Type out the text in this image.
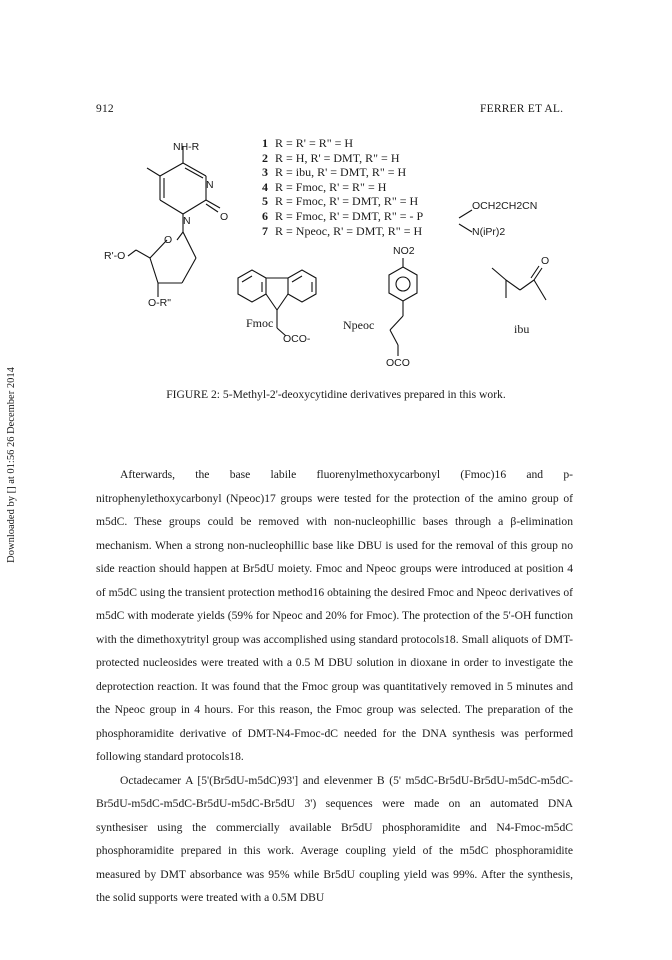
912	FERRER ET AL.
Downloaded by [] at 01:56 26 December 2014
NH-R
N
N	O
O
R'-O
O-R"
1 R = R' = R" = H
2 R = H, R' = DMT, R" = H
3 R = ibu, R' = DMT, R" = H
4 R = Fmoc, R' = R" = H
5 R = Fmoc, R' = DMT, R" = H
6 R = Fmoc, R' = DMT, R" = - P
7 R = Npeoc, R' = DMT, R" = H
OCH2CH2CN
N(iPr)2
Fmoc
OCO-
Npeoc
NO2
OCO
ibu
O
FIGURE 2: 5-Methyl-2'-deoxycytidine derivatives prepared in this work.

Afterwards, the base labile fluorenylmethoxycarbonyl (Fmoc)16 and p-nitrophenylethoxycarbonyl (Npeoc)17 groups were tested for the protection of the amino group of m5dC. These groups could be removed with non-nucleophillic bases through a β-elimination mechanism. When a strong non-nucleophillic base like DBU is used for the removal of this group no side reaction should happen at Br5dU moiety. Fmoc and Npeoc groups were introduced at position 4 of m5dC using the transient protection method16 obtaining the desired Fmoc and Npeoc derivatives of m5dC with moderate yields (59% for Npeoc and 20% for Fmoc). The protection of the 5'-OH function with the dimethoxytrityl group was accomplished using standard protocols18. Small aliquots of DMT-protected nucleosides were treated with a 0.5 M DBU solution in dioxane in order to investigate the deprotection reaction. It was found that the Fmoc group was quantitatively removed in 5 minutes and the Npeoc group in 4 hours. For this reason, the Fmoc group was selected. The preparation of the phosphoramidite derivative of DMT-N4-Fmoc-dC needed for the DNA synthesis was performed following standard protocols18.

Octadecamer A [5'(Br5dU-m5dC)93'] and elevenmer B (5' m5dC-Br5dU-Br5dU-m5dC-m5dC-Br5dU-m5dC-m5dC-Br5dU-m5dC-Br5dU 3') sequences were made on an automated DNA synthesiser using the commercially available Br5dU phosphoramidite and N4-Fmoc-m5dC phosphoramidite prepared in this work. Average coupling yield of the m5dC phosphoramidite measured by DMT absorbance was 95% while Br5dU coupling yield was 99%. After the synthesis, the solid supports were treated with a 0.5M DBU
